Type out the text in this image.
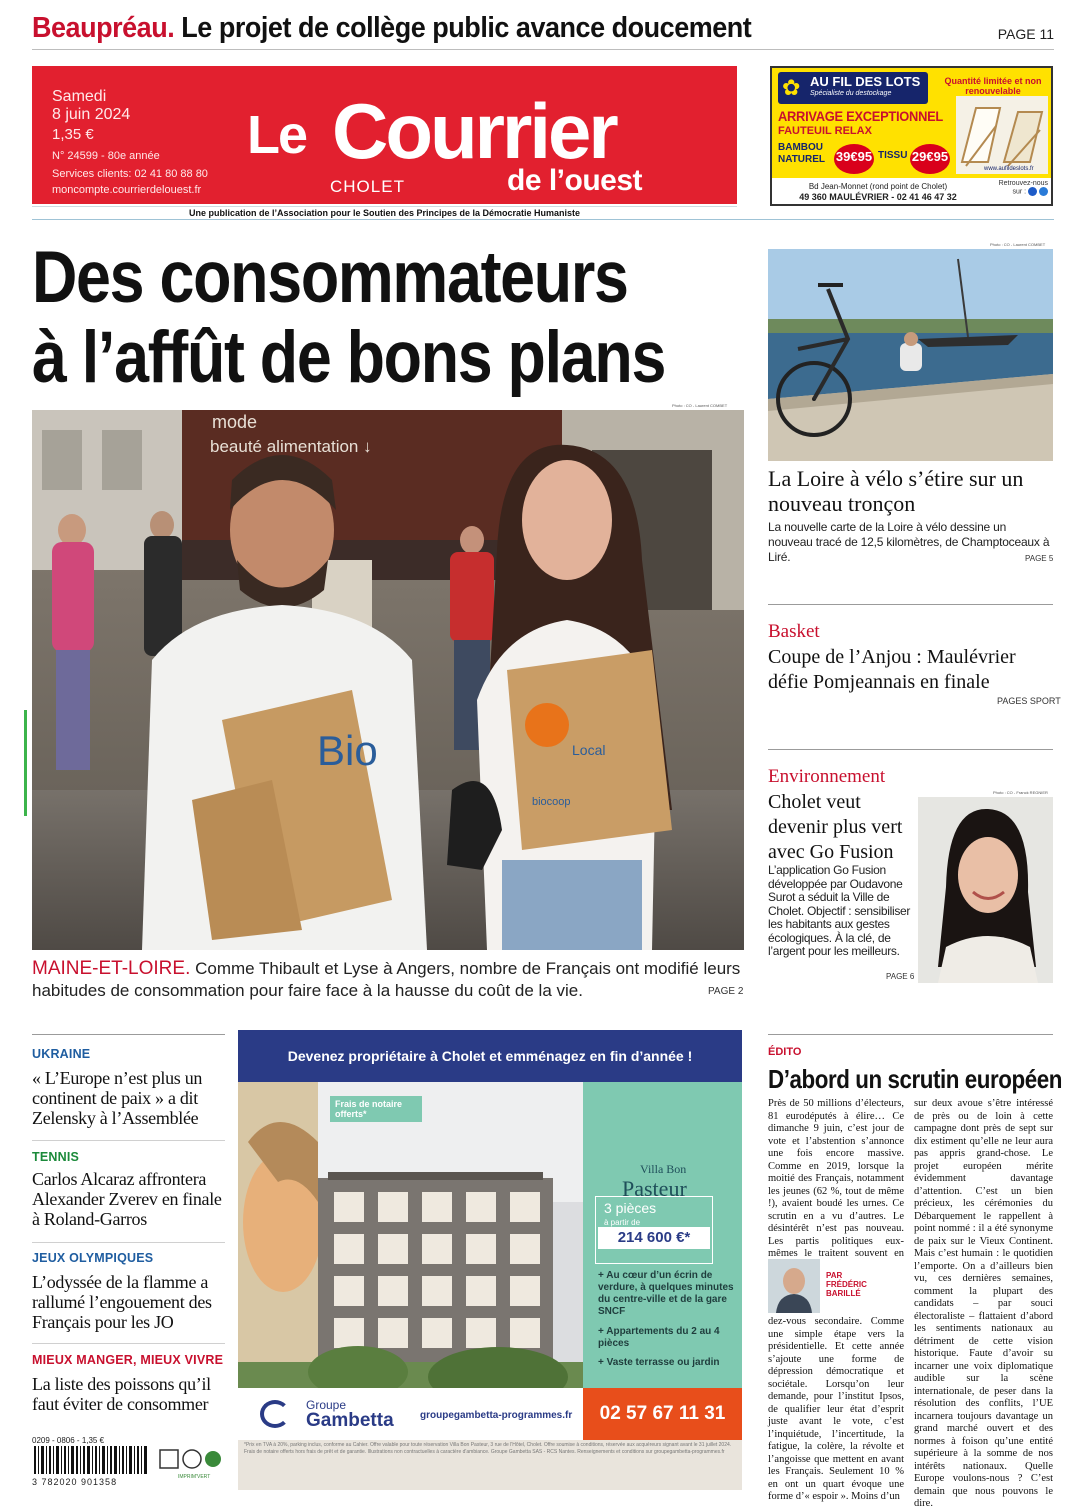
Beaupréau. Le projet de collège public avance doucement	PAGE 11
Samedi
8 juin 2024
1,35 €
N° 24599 - 80e année
Services clients: 02 41 80 88 80
moncompte.courrierdelouest.fr
Le Courrier
CHOLET	de l’ouest
Une publication de l’Association pour le Soutien des Principes de la Démocratie Humaniste
✿ AU FIL DES LOTS
Spécialiste du destockage
Quantité limitée et non renouvelable
ARRIVAGE EXCEPTIONNEL
FAUTEUIL RELAX
BAMBOU NATUREL 39€95 TISSU 29€95
Bd Jean-Monnet (rond point de Cholet)
49 360 MAULÉVRIER - 02 41 46 47 32
www.aufildeslots.fr
Retrouvez-nous sur :
Des consommateurs
à l’affût de bons plans
Photo : CO - Laurent COMBET
Bio	Local
biocoop
mode
beauté alimentation ↓
MAINE-ET-LOIRE. Comme Thibault et Lyse à Angers, nombre de Français ont modifié leurs habitudes de consommation pour faire face à la hausse du coût de la vie.	PAGE 2
Photo : CO - Laurent COMBET
La Loire à vélo s’étire sur un nouveau tronçon
La nouvelle carte de la Loire à vélo dessine un nouveau tracé de 12,5 kilomètres, de Champtoceaux à Liré.	PAGE 5
Basket
Coupe de l’Anjou : Maulévrier défie Pomjeannais en finale
PAGES SPORT
Environnement
Cholet veut devenir plus vert avec Go Fusion
L’application Go Fusion développée par Oudavone Surot a séduit la Ville de Cholet. Objectif : sensibiliser les habitants aux gestes écologiques. À la clé, de l’argent pour les meilleurs.
PAGE 6
Photo : CO - Franck REGNIER
UKRAINE
« L’Europe n’est plus un continent de paix » a dit Zelensky à l’Assemblée
TENNIS
Carlos Alcaraz affrontera Alexander Zverev en finale à Roland-Garros
JEUX OLYMPIQUES
L’odyssée de la flamme a rallumé l’engouement des Français pour les JO
MIEUX MANGER, MIEUX VIVRE
La liste des poissons qu’il faut éviter de consommer
0209 - 0806 - 1,35 €
3 782020 901358	IMPRIM'VERT
Devenez propriétaire à Cholet et emménagez en fin d’année !
Frais de notaire offerts*
Villa Bon
Pasteur
3 pièces
à partir de
214 600 €*
+ Au cœur d’un écrin de verdure, à quelques minutes du centre-ville et de la gare SNCF
+ Appartements du 2 au 4 pièces
+ Vaste terrasse ou jardin
Groupe
Gambetta	groupegambetta-programmes.fr	02 57 67 11 31
*Prix en TVA à 20%, parking inclus, conforme au Cahier. Offre valable pour toute réservation Villa Bon Pasteur, 3 rue de l'Hôtel, Cholet. Offre soumise à conditions, réservée aux acquéreurs signant avant le 31 juillet 2024. Frais de notaire offerts hors frais de prêt et de garantie. Illustrations non contractuelles à caractère d'ambiance. Groupe Gambetta SAS - RCS Nantes. Renseignements et conditions sur groupegambetta-programmes.fr
ÉDITO
D’abord un scrutin européen
Près de 50 millions d’électeurs, 81 eurodéputés à élire… Ce dimanche 9 juin, c’est jour de vote et l’abstention s’annonce une fois encore massive. Comme en 2019, lorsque la moitié des Français, notamment les jeunes (62 %, tout de même !), avaient boudé les urnes. Ce scrutin en a vu d’autres. Le désintérêt n’est pas nouveau. Les partis politiques eux-mêmes le traitent souvent en
PAR
FRÉDÉRIC
BARILLÉ
dez-vous secondaire. Comme une simple étape vers la présidentielle. Et cette année s’ajoute une forme de dépression démocratique et sociétale. Lorsqu’on leur demande, pour l’institut Ipsos, de qualifier leur état d’esprit juste avant le vote, c’est l’inquiétude, l’incertitude, la fatigue, la colère, la révolte et l’angoisse que mettent en avant les Français. Seulement 10 % en ont un quart évoque une forme d’« espoir ». Moins d’un
sur deux avoue s’être intéressé de près ou de loin à cette campagne dont près de sept sur dix estiment qu’elle ne leur aura pas appris grand-chose. Le projet européen mérite évidemment davantage d’attention. C’est un bien précieux, les cérémonies du Débarquement le rappellent à point nommé : il a été synonyme de paix sur le Vieux Continent. Mais c’est humain : le quotidien l’emporte. On a d’ailleurs bien vu, ces dernières semaines, comment la plupart des candidats – par souci électoraliste – flattaient d’abord les sentiments nationaux au détriment de cette vision historique. Faute d’avoir su incarner une voix diplomatique audible sur la scène internationale, de peser dans la résolution des conflits, l’UE incarnera toujours davantage un grand marché ouvert et des normes à foison qu’une entité supérieure à la somme de nos intérêts nationaux. Quelle Europe voulons-nous ? C’est demain que nous pouvons le dire.
